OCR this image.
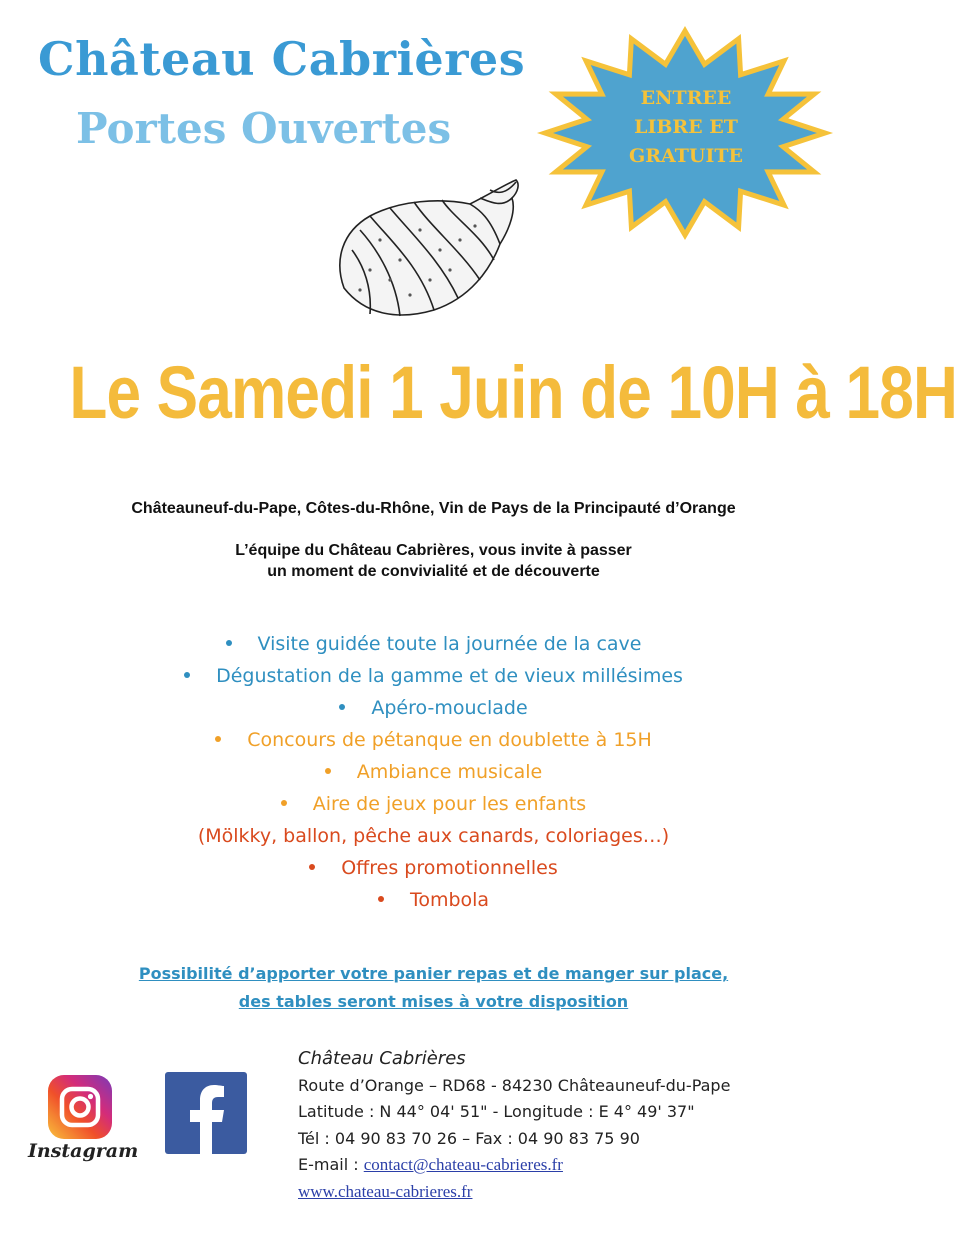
Château Cabrières
Portes Ouvertes
ENTREE
LIBRE ET
GRATUITE
Le Samedi 1 Juin de 10H à 18H
Châteauneuf-du-Pape, Côtes-du-Rhône, Vin de Pays de la Principauté d’Orange
L’équipe du Château Cabrières, vous invite à passer
un moment de convivialité et de découverte
Visite guidée toute la journée de la cave
Dégustation de la gamme et de vieux millésimes
Apéro-mouclade
Concours de pétanque en doublette à 15H
Ambiance musicale
Aire de jeux pour les enfants
(Mölkky, ballon, pêche aux canards, coloriages…)
Offres promotionnelles
Tombola
Possibilité d’apporter votre panier repas et de manger sur place,
des tables seront mises à votre disposition
Instagram
Château Cabrières
Route d’Orange – RD68 - 84230 Châteauneuf-du-Pape
Latitude : N 44° 04' 51" - Longitude : E 4° 49' 37"
Tél : 04 90 83 70 26 – Fax : 04 90 83 75 90
E-mail : contact@chateau-cabrieres.fr
www.chateau-cabrieres.fr
